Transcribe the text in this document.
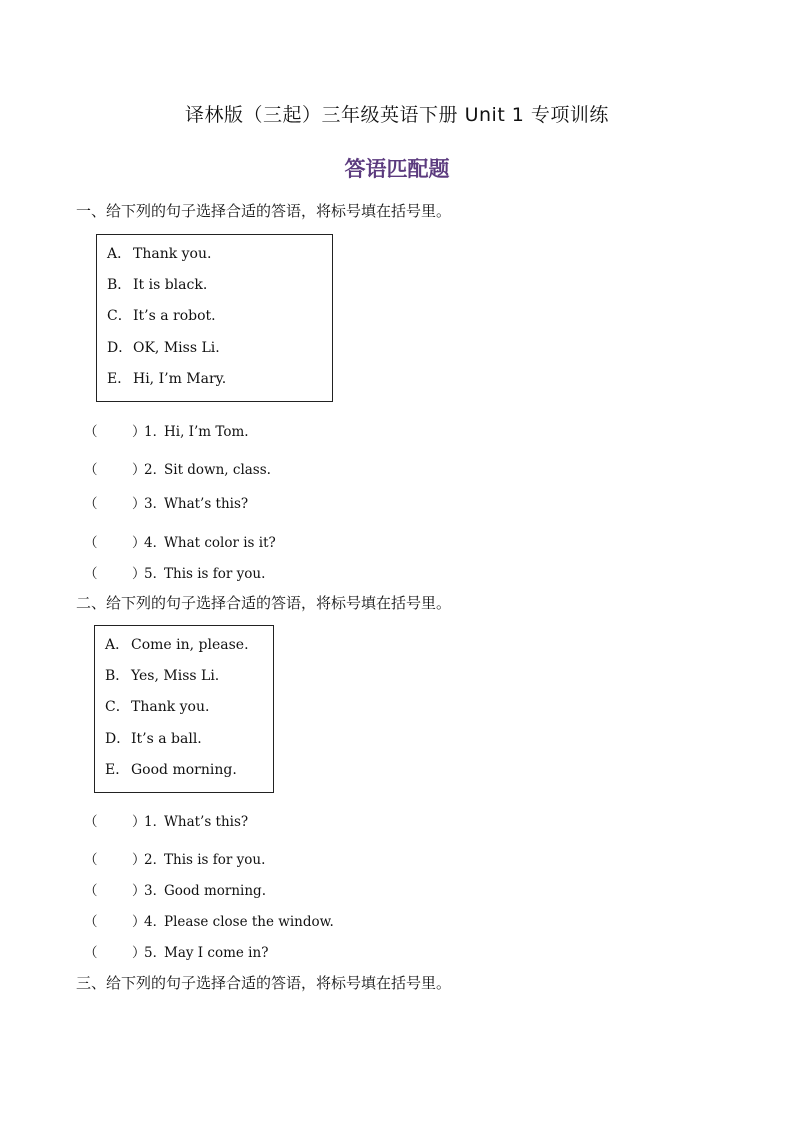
译林版（三起）三年级英语下册 Unit 1 专项训练
答语匹配题
一、给下列的句子选择合适的答语，将标号填在括号里。
A． Thank you.
B． It is black.
C．It’s a robot.
D．OK, Miss Li.
E． Hi, I’m Mary.
（	）1．Hi, I’m Tom.
（	）2．Sit down, class.
（	）3．What’s this?
（	）4．What color is it?
（	）5．This is for you.
二、给下列的句子选择合适的答语，将标号填在括号里。
A． Come in, please.
B． Yes, Miss Li.
C．Thank you.
D．It’s a ball.
E． Good morning.
（	）1．What’s this?
（	）2．This is for you.
（	）3．Good morning.
（	）4．Please close the window.
（	）5．May I come in?
三、给下列的句子选择合适的答语，将标号填在括号里。
